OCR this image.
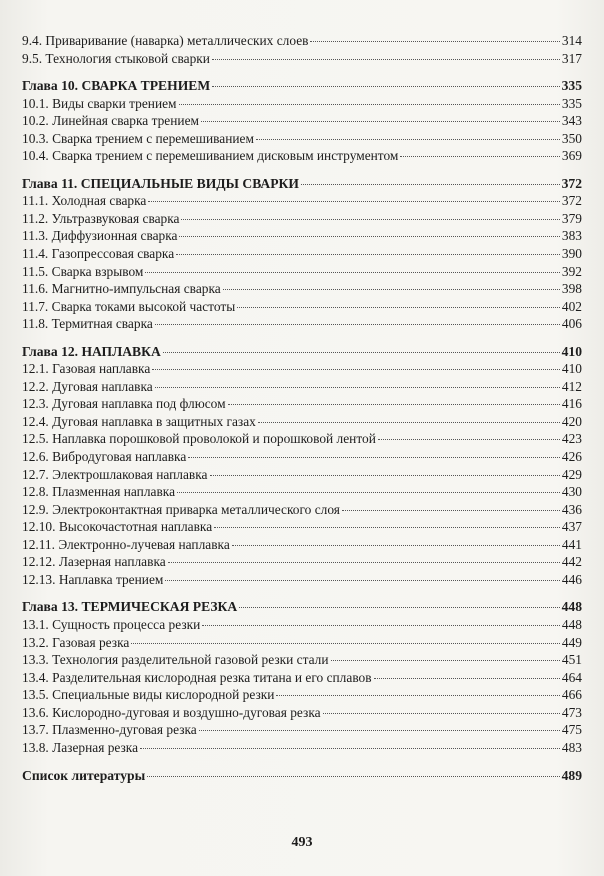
9.4. Приваривание (наварка) металлических слоев	314
9.5. Технология стыковой сварки	317
Глава 10. СВАРКА ТРЕНИЕМ	335
10.1. Виды сварки трением	335
10.2. Линейная сварка трением	343
10.3. Сварка трением с перемешиванием	350
10.4. Сварка трением с перемешиванием дисковым инструментом	369
Глава 11. СПЕЦИАЛЬНЫЕ ВИДЫ СВАРКИ	372
11.1. Холодная сварка	372
11.2. Ультразвуковая сварка	379
11.3. Диффузионная сварка	383
11.4. Газопрессовая сварка	390
11.5. Сварка взрывом	392
11.6. Магнитно-импульсная сварка	398
11.7. Сварка токами высокой частоты	402
11.8. Термитная сварка	406
Глава 12. НАПЛАВКА	410
12.1. Газовая наплавка	410
12.2. Дуговая наплавка	412
12.3. Дуговая наплавка под флюсом	416
12.4. Дуговая наплавка в защитных газах	420
12.5. Наплавка порошковой проволокой и порошковой лентой	423
12.6. Вибродуговая наплавка	426
12.7. Электрошлаковая наплавка	429
12.8. Плазменная наплавка	430
12.9. Электроконтактная приварка металлического слоя	436
12.10. Высокочастотная наплавка	437
12.11. Электронно-лучевая наплавка	441
12.12. Лазерная наплавка	442
12.13. Наплавка трением	446
Глава 13. ТЕРМИЧЕСКАЯ РЕЗКА	448
13.1. Сущность процесса резки	448
13.2. Газовая резка	449
13.3. Технология разделительной газовой резки стали	451
13.4. Разделительная кислородная резка титана и его сплавов	464
13.5. Специальные виды кислородной резки	466
13.6. Кислородно-дуговая и воздушно-дуговая резка	473
13.7. Плазменно-дуговая резка	475
13.8. Лазерная резка	483
Список литературы	489
493
